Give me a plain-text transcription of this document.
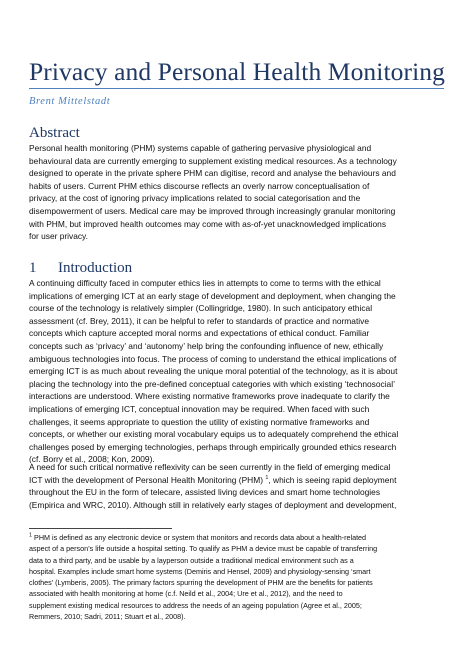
Privacy and Personal Health Monitoring
Brent Mittelstadt
Abstract
Personal health monitoring (PHM) systems capable of gathering pervasive physiological and
behavioural data are currently emerging to supplement existing medical resources. As a technology
designed to operate in the private sphere PHM can digitise, record and analyse the behaviours and
habits of users. Current PHM ethics discourse reflects an overly narrow conceptualisation of
privacy, at the cost of ignoring privacy implications related to social categorisation and the
disempowerment of users. Medical care may be improved through increasingly granular monitoring
with PHM, but improved health outcomes may come with as-of-yet unacknowledged implications
for user privacy.
1 Introduction
A continuing difficulty faced in computer ethics lies in attempts to come to terms with the ethical
implications of emerging ICT at an early stage of development and deployment, when changing the
course of the technology is relatively simpler (Collingridge, 1980). In such anticipatory ethical
assessment (cf. Brey, 2011), it can be helpful to refer to standards of practice and normative
concepts which capture accepted moral norms and expectations of ethical conduct. Familiar
concepts such as ‘privacy’ and ‘autonomy’ help bring the confounding influence of new, ethically
ambiguous technologies into focus. The process of coming to understand the ethical implications of
emerging ICT is as much about revealing the unique moral potential of the technology, as it is about
placing the technology into the pre-defined conceptual categories with which existing ‘technosocial’
interactions are understood. Where existing normative frameworks prove inadequate to clarify the
implications of emerging ICT, conceptual innovation may be required. When faced with such
challenges, it seems appropriate to question the utility of existing normative frameworks and
concepts, or whether our existing moral vocabulary equips us to adequately comprehend the ethical
challenges posed by emerging technologies, perhaps through empirically grounded ethics research
(cf. Borry et al., 2008; Kon, 2009).
A need for such critical normative reflexivity can be seen currently in the field of emerging medical
ICT with the development of Personal Health Monitoring (PHM) $^1$, which is seeing rapid deployment
throughout the EU in the form of telecare, assisted living devices and smart home technologies
(Empirica and WRC, 2010). Although still in relatively early stages of deployment and development,
$^1$ PHM is defined as any electronic device or system that monitors and records data about a health-related
aspect of a person’s life outside a hospital setting. To qualify as PHM a device must be capable of transferring
data to a third party, and be usable by a layperson outside a traditional medical environment such as a
hospital. Examples include smart home systems (Demiris and Hensel, 2009) and physiology-sensing ‘smart
clothes’ (Lymberis, 2005). The primary factors spurring the development of PHM are the benefits for patients
associated with health monitoring at home (c.f. Neild et al., 2004; Ure et al., 2012), and the need to
supplement existing medical resources to address the needs of an ageing population (Agree et al., 2005;
Remmers, 2010; Sadri, 2011; Stuart et al., 2008).
